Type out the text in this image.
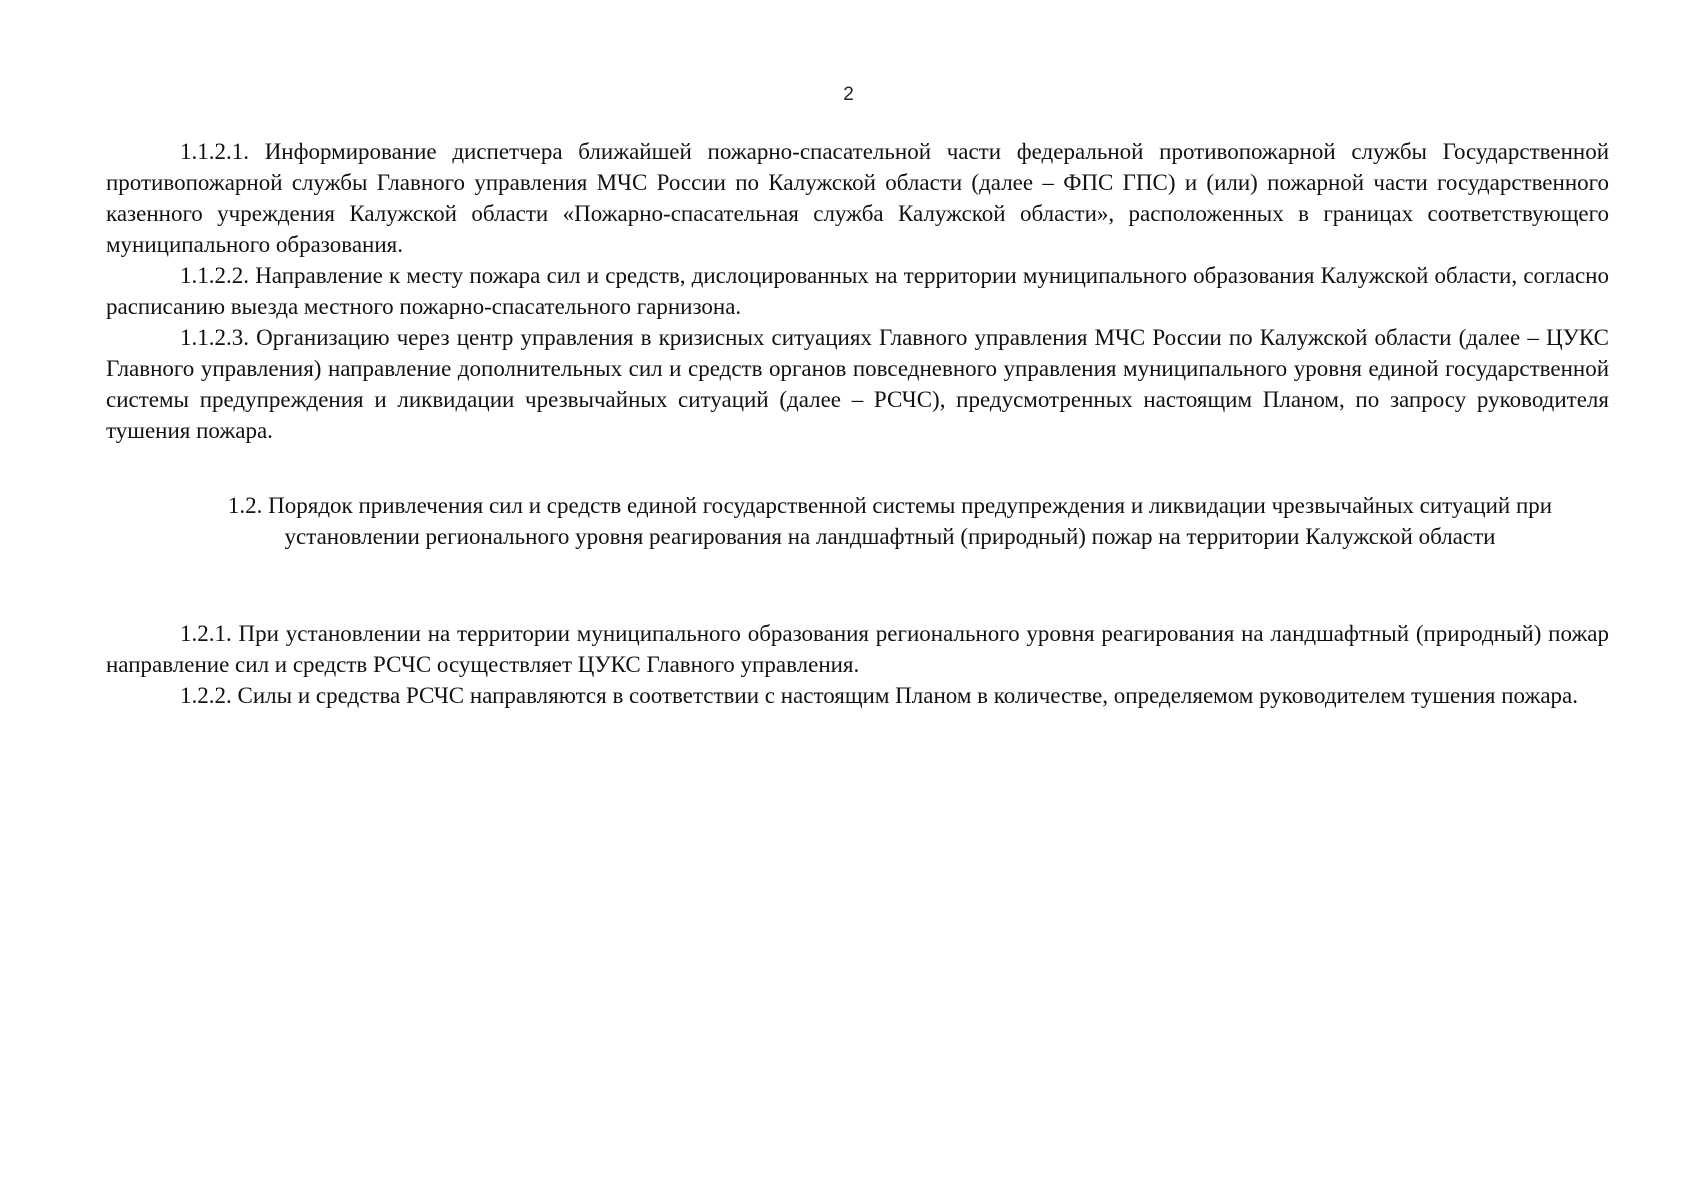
2

1.1.2.1. Информирование диспетчера ближайшей пожарно-спасательной части федеральной противопожарной службы Государственной противопожарной службы Главного управления МЧС России по Калужской области (далее – ФПС ГПС) и (или) пожарной части государственного казенного учреждения Калужской области «Пожарно-спасательная служба Калужской области», расположенных в границах соответствующего муниципального образования.

1.1.2.2. Направление к месту пожара сил и средств, дислоцированных на территории муниципального образования Калужской области, согласно расписанию выезда местного пожарно-спасательного гарнизона.

1.1.2.3. Организацию через центр управления в кризисных ситуациях Главного управления МЧС России по Калужской области (далее – ЦУКС Главного управления) направление дополнительных сил и средств органов повседневного управления муниципального уровня единой государственной системы предупреждения и ликвидации чрезвычайных ситуаций (далее – РСЧС), предусмотренных настоящим Планом, по запросу руководителя тушения пожара.

1.2. Порядок привлечения сил и средств единой государственной системы предупреждения и ликвидации чрезвычайных ситуаций при установлении регионального уровня реагирования на ландшафтный (природный) пожар на территории Калужской области

1.2.1. При установлении на территории муниципального образования регионального уровня реагирования на ландшафтный (природный) пожар направление сил и средств РСЧС осуществляет ЦУКС Главного управления.

1.2.2. Силы и средства РСЧС направляются в соответствии с настоящим Планом в количестве, определяемом руководителем тушения пожара.
